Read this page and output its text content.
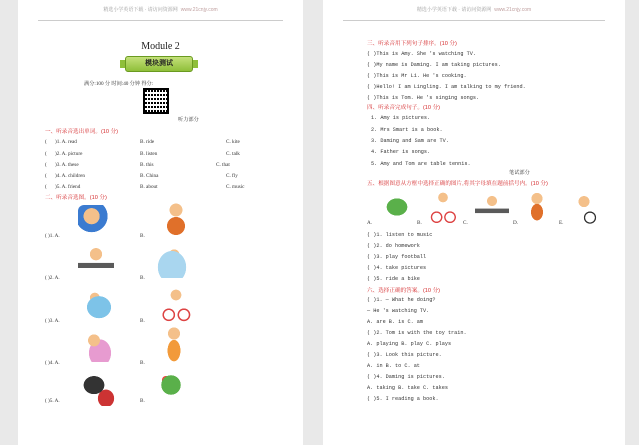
精选小学英语下载 · 请访问资源网 www.21cnjy.com
Module 2
模块测试
满分:100 分 时间:40 分钟 得分:
听力部分
一、听录音选出单词。(10 分)
( )1. A. read	B. ride	C. kite
( )2. A. picture	B. listen	C. talk
( )3. A. these	B. this	C. that
( )4. A. children	B. China	C. fly
( )5. A. friend	B. about	C. music
二、听录音选图。(10 分)
( )1. A.	B.
( )2. A.	B.
( )3. A.	B.
( )4. A.	B.
( )5. A.	B.
精选小学英语下载 · 请访问资源网 www.21cnjy.com
三、听录音用下列句子排序。(10 分)
( )This is Amy. She 's watching TV.
( )My name is Daming. I am taking pictures.
( )This is Mr Li. He 's cooking.
( )Hello! I am Lingling. I am talking to my friend.
( )This is Tom. He 's singing songs.
四、听录音完成句子。(10 分)
1. Amy is pictures.
2. Mrs Smart is a book.
3. Daming and Sam are TV.
4. Father is songs.
5. Amy and Tom are table tennis.
笔试部分
五、根据图意从方框中选择正确的图片,将其字母填在题前括号内。(10 分)
A.	B.	C.	D.	E.
( )1. listen to music
( )2. do homework
( )3. play football
( )4. take pictures
( )5. ride a bike
六、选择正确的答案。(10 分)
( )1. — What he doing?
— He 's watching TV.
A. are B. is C. am
( )2. Tom is with the toy train.
A. playing B. play C. plays
( )3. Look this picture.
A. in B. to C. at
( )4. Daming is pictures.
A. taking B. take C. takes
( )5. I reading a book.
